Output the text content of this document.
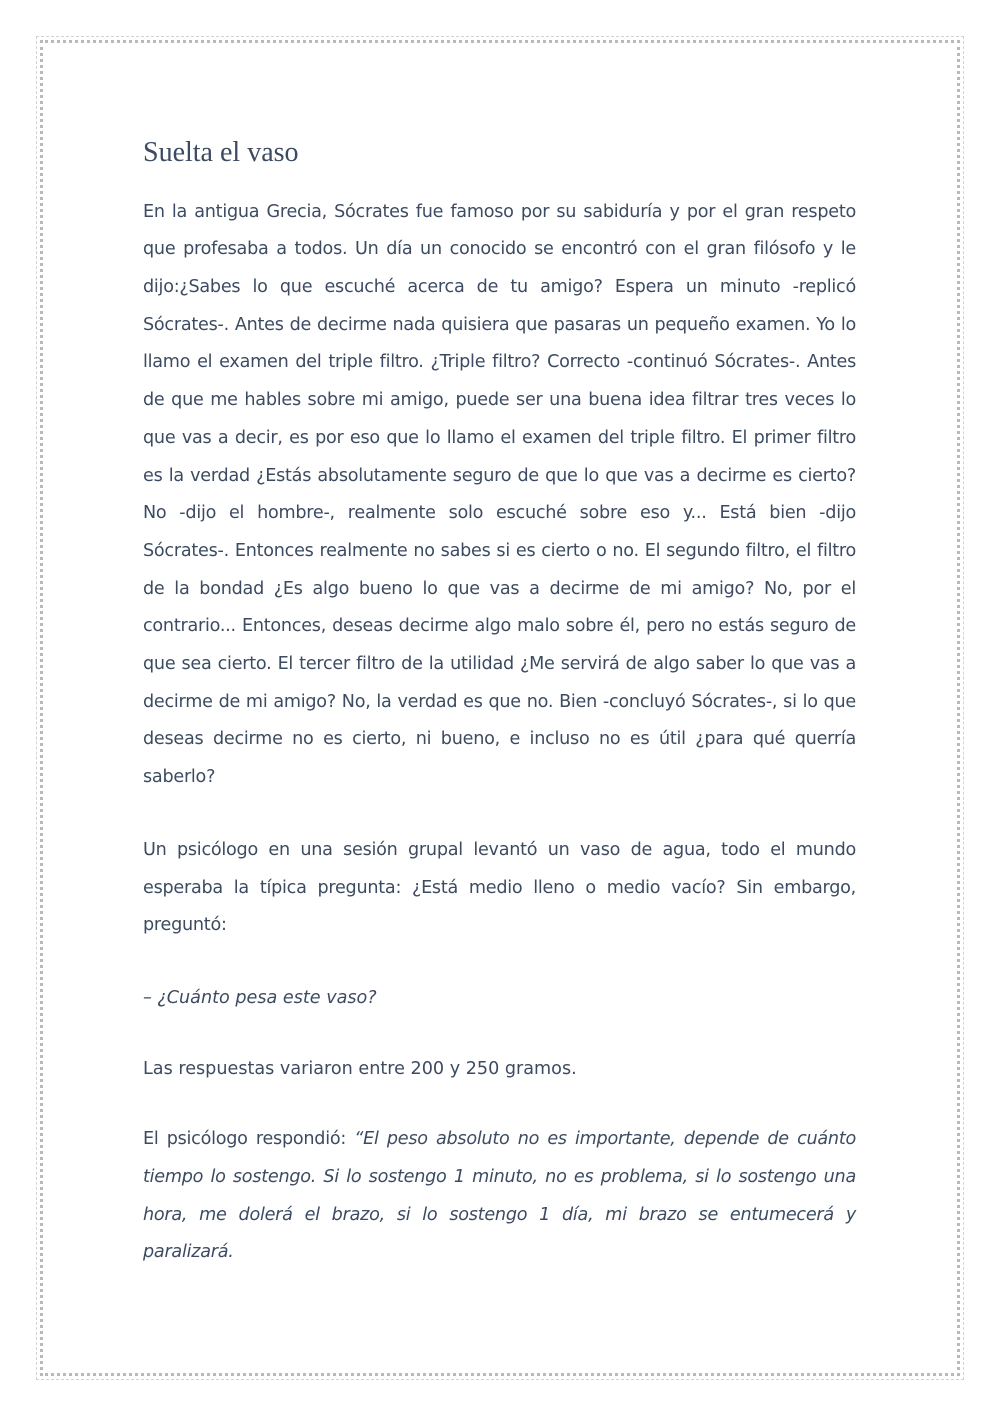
Suelta el vaso

En la antigua Grecia, Sócrates fue famoso por su sabiduría y por el gran respeto que profesaba a todos. Un día un conocido se encontró con el gran filósofo y le dijo:¿Sabes lo que escuché acerca de tu amigo? Espera un minuto -replicó Sócrates-. Antes de decirme nada quisiera que pasaras un pequeño examen. Yo lo llamo el examen del triple filtro. ¿Triple filtro? Correcto -continuó Sócrates-. Antes de que me hables sobre mi amigo, puede ser una buena idea filtrar tres veces lo que vas a decir, es por eso que lo llamo el examen del triple filtro. El primer filtro es la verdad ¿Estás absolutamente seguro de que lo que vas a decirme es cierto? No -dijo el hombre-, realmente solo escuché sobre eso y... Está bien -dijo Sócrates-. Entonces realmente no sabes si es cierto o no. El segundo filtro, el filtro de la bondad ¿Es algo bueno lo que vas a decirme de mi amigo? No, por el contrario... Entonces, deseas decirme algo malo sobre él, pero no estás seguro de que sea cierto. El tercer filtro de la utilidad ¿Me servirá de algo saber lo que vas a decirme de mi amigo? No, la verdad es que no. Bien -concluyó Sócrates-, si lo que deseas decirme no es cierto, ni bueno, e incluso no es útil ¿para qué querría saberlo?

Un psicólogo en una sesión grupal levantó un vaso de agua, todo el mundo esperaba la típica pregunta: ¿Está medio lleno o medio vacío? Sin embargo, preguntó:

– ¿Cuánto pesa este vaso?

Las respuestas variaron entre 200 y 250 gramos.

El psicólogo respondió: “El peso absoluto no es importante, depende de cuánto tiempo lo sostengo. Si lo sostengo 1 minuto, no es problema, si lo sostengo una hora, me dolerá el brazo, si lo sostengo 1 día, mi brazo se entumecerá y paralizará.
